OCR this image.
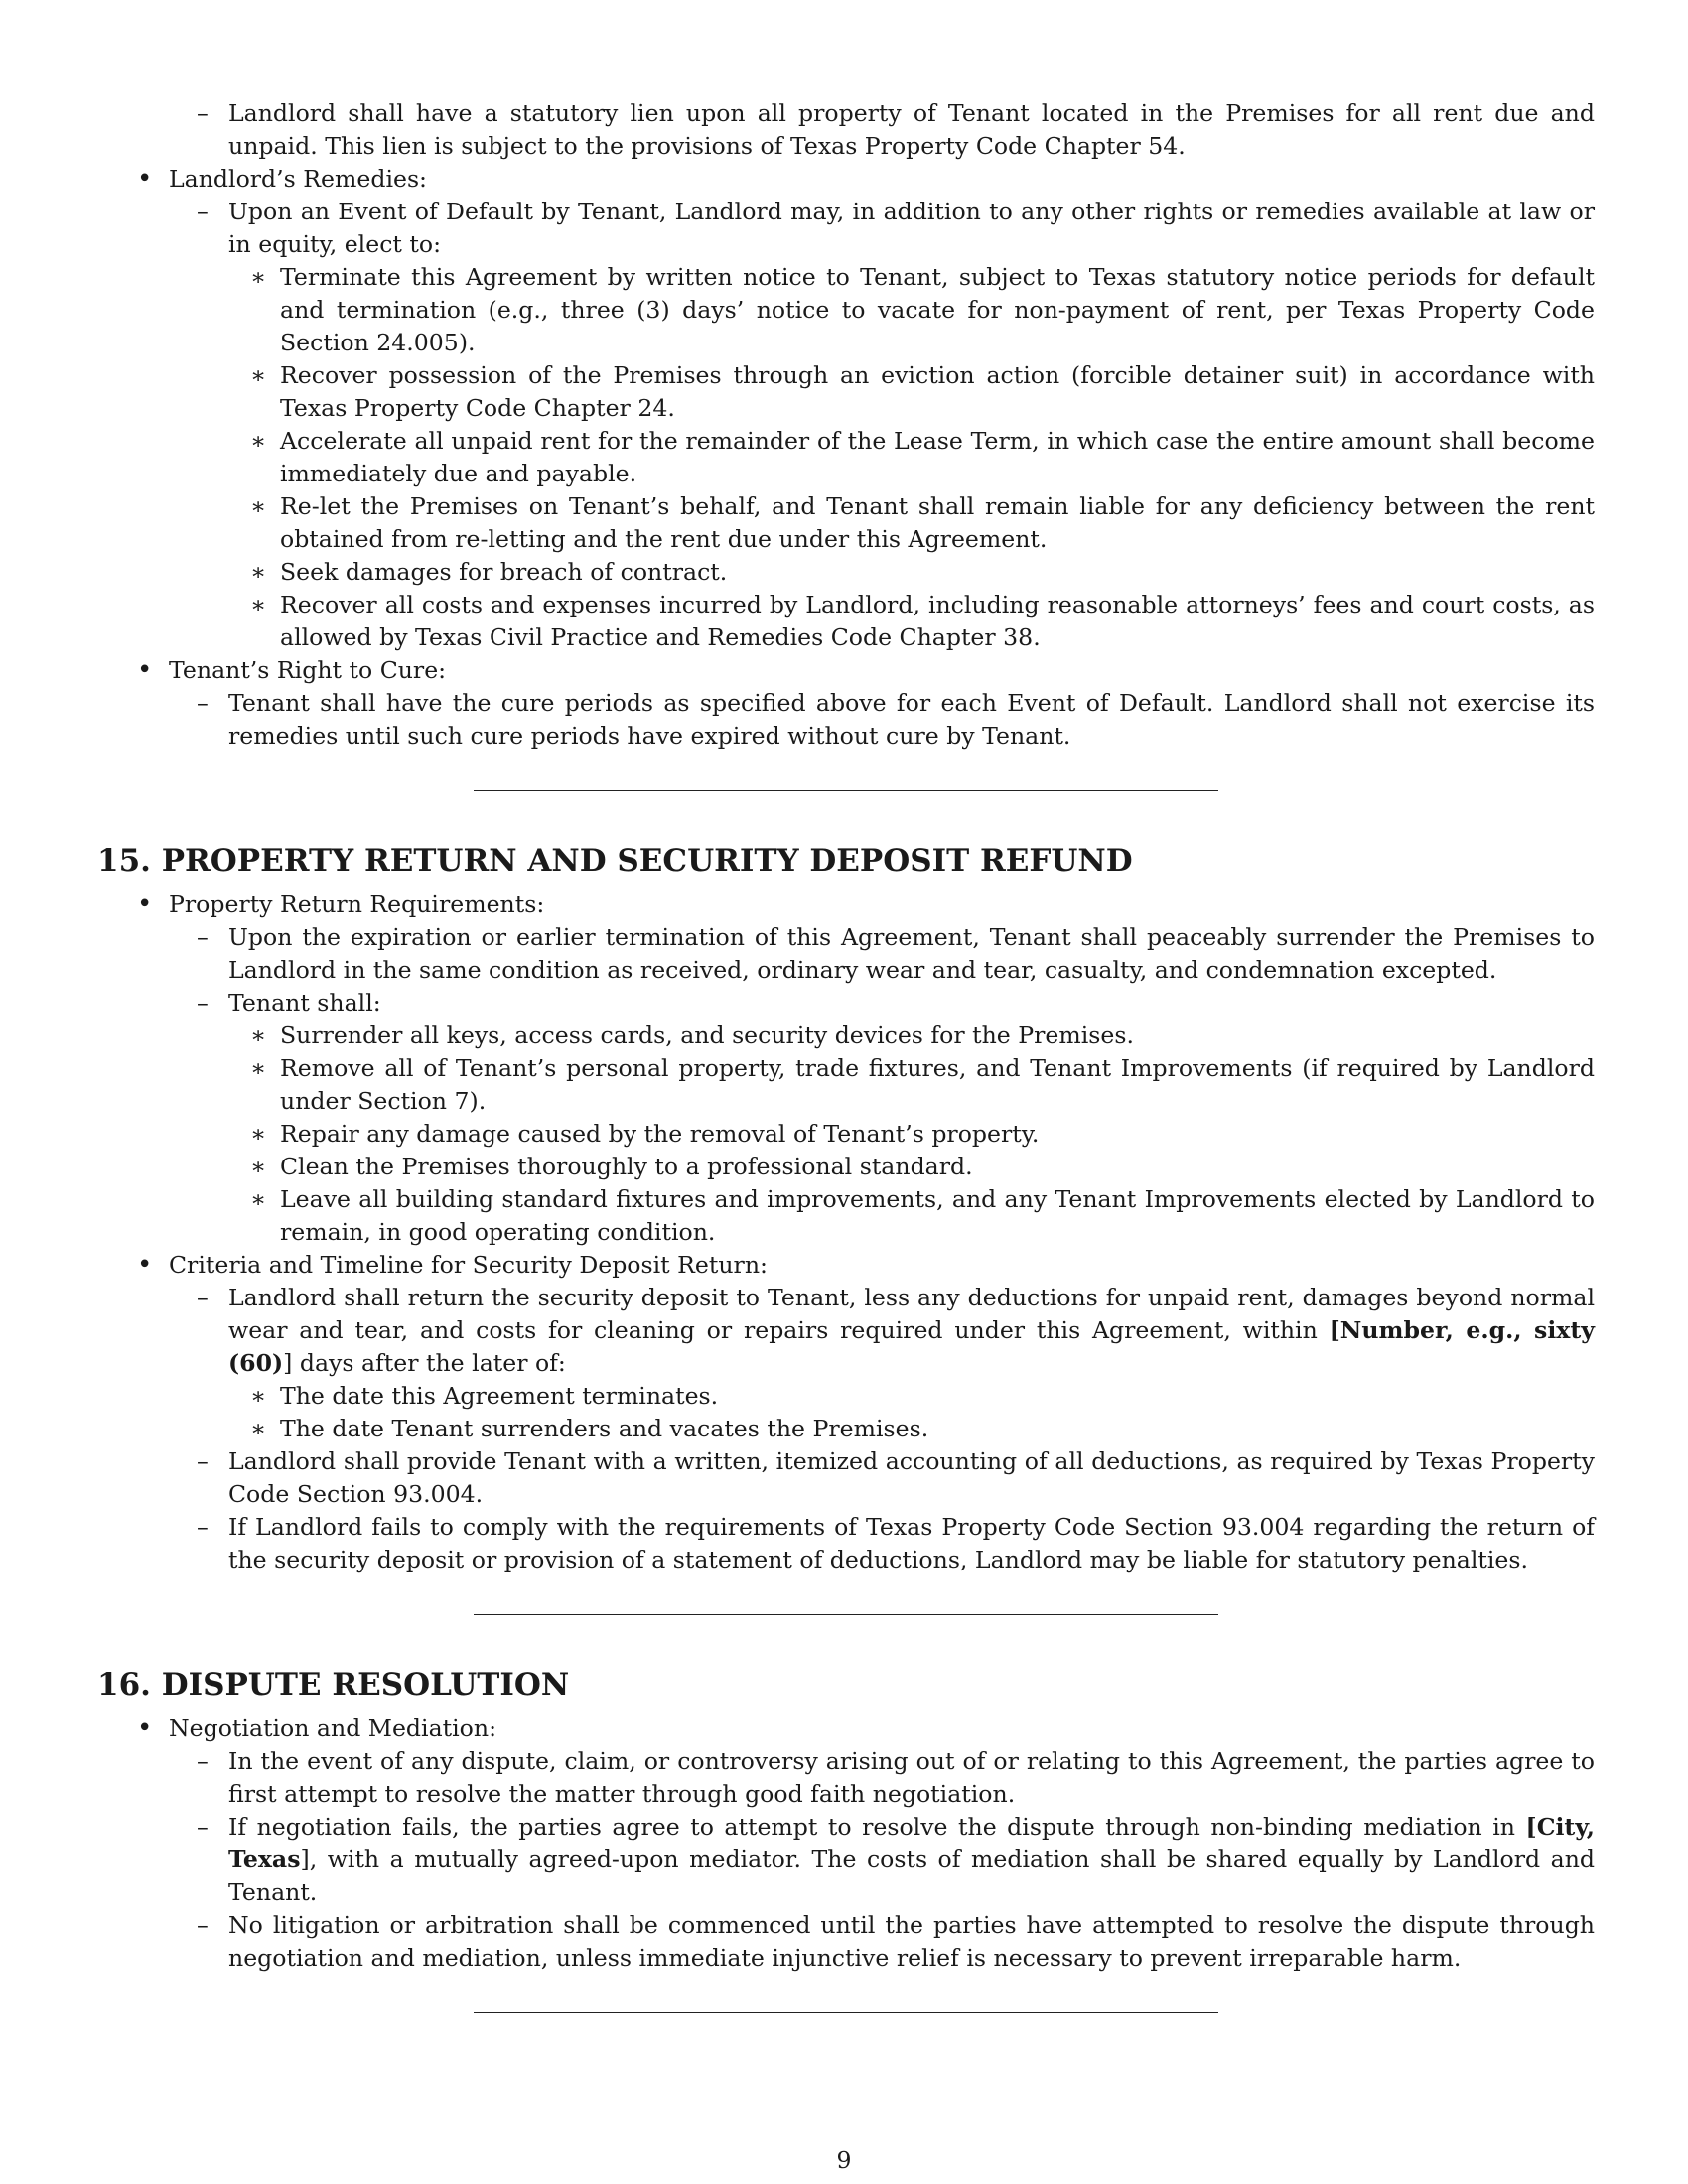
– Landlord shall have a statutory lien upon all property of Tenant located in the Premises for all rent due and unpaid. This lien is subject to the provisions of Texas Property Code Chapter 54.
• Landlord’s Remedies:
– Upon an Event of Default by Tenant, Landlord may, in addition to any other rights or remedies available at law or in equity, elect to:
∗ Terminate this Agreement by written notice to Tenant, subject to Texas statutory notice periods for default and termination (e.g., three (3) days’ notice to vacate for non-payment of rent, per Texas Property Code Section 24.005).
∗ Recover possession of the Premises through an eviction action (forcible detainer suit) in accordance with Texas Property Code Chapter 24.
∗ Accelerate all unpaid rent for the remainder of the Lease Term, in which case the entire amount shall become immediately due and payable.
∗ Re-let the Premises on Tenant’s behalf, and Tenant shall remain liable for any deficiency between the rent obtained from re-letting and the rent due under this Agreement.
∗ Seek damages for breach of contract.
∗ Recover all costs and expenses incurred by Landlord, including reasonable attorneys’ fees and court costs, as allowed by Texas Civil Practice and Remedies Code Chapter 38.
• Tenant’s Right to Cure:
– Tenant shall have the cure periods as specified above for each Event of Default. Landlord shall not exercise its remedies until such cure periods have expired without cure by Tenant.
15. PROPERTY RETURN AND SECURITY DEPOSIT REFUND
• Property Return Requirements:
– Upon the expiration or earlier termination of this Agreement, Tenant shall peaceably surrender the Premises to Landlord in the same condition as received, ordinary wear and tear, casualty, and condemnation excepted.
– Tenant shall:
∗ Surrender all keys, access cards, and security devices for the Premises.
∗ Remove all of Tenant’s personal property, trade fixtures, and Tenant Improvements (if required by Landlord under Section 7).
∗ Repair any damage caused by the removal of Tenant’s property.
∗ Clean the Premises thoroughly to a professional standard.
∗ Leave all building standard fixtures and improvements, and any Tenant Improvements elected by Landlord to remain, in good operating condition.
• Criteria and Timeline for Security Deposit Return:
– Landlord shall return the security deposit to Tenant, less any deductions for unpaid rent, damages beyond normal wear and tear, and costs for cleaning or repairs required under this Agreement, within [Number, e.g., sixty (60)] days after the later of:
∗ The date this Agreement terminates.
∗ The date Tenant surrenders and vacates the Premises.
– Landlord shall provide Tenant with a written, itemized accounting of all deductions, as required by Texas Property Code Section 93.004.
– If Landlord fails to comply with the requirements of Texas Property Code Section 93.004 regarding the return of the security deposit or provision of a statement of deductions, Landlord may be liable for statutory penalties.
16. DISPUTE RESOLUTION
• Negotiation and Mediation:
– In the event of any dispute, claim, or controversy arising out of or relating to this Agreement, the parties agree to first attempt to resolve the matter through good faith negotiation.
– If negotiation fails, the parties agree to attempt to resolve the dispute through non-binding mediation in [City, Texas], with a mutually agreed-upon mediator. The costs of mediation shall be shared equally by Landlord and Tenant.
– No litigation or arbitration shall be commenced until the parties have attempted to resolve the dispute through negotiation and mediation, unless immediate injunctive relief is necessary to prevent irreparable harm.
9
